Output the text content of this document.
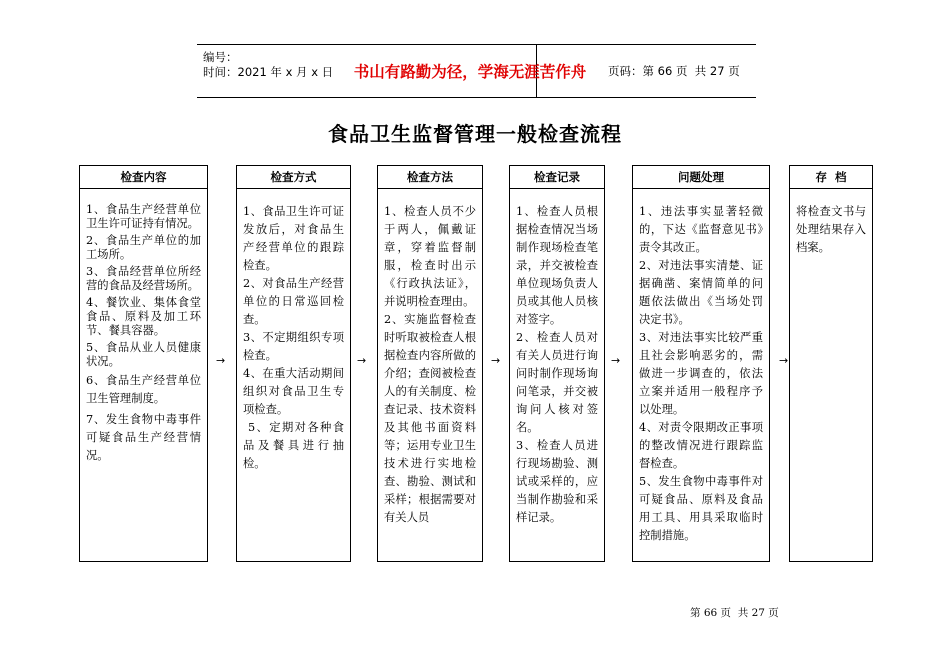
编号：
时间：2021 年 x 月 x 日	书山有路勤为径，学海无涯苦作舟	页码：第 66 页  共 27 页
食品卫生监督管理一般检查流程
检查内容

1、食品生产经营单位卫生许可证持有情况。

2、食品生产单位的加工场所。

3、食品经营单位所经营的食品及经营场所。

4、餐饮业、集体食堂食品、原料及加工环节、餐具容器。

5、食品从业人员健康状况。

6、食品生产经营单位卫生管理制度。

7、发生食物中毒事件可疑食品生产经营情况。

→
检查方式

1、食品卫生许可证发放后，对食品生产经营单位的跟踪检查。

2、对食品生产经营单位的日常巡回检查。

3、不定期组织专项检查。

4、在重大活动期间组织对食品卫生专项检查。

5、定期对各种食品及餐具进行抽检。

→
检查方法

1、检查人员不少于两人，佩戴证章，穿着监督制服，检查时出示《行政执法证》，并说明检查理由。

2、实施监督检查时听取被检查人根据检查内容所做的介绍；查阅被检查人的有关制度、检查记录、技术资料及其他书面资料等；运用专业卫生技术进行实地检查、勘验、测试和采样；根据需要对有关人员

→
检查记录

1、检查人员根据检查情况当场制作现场检查笔录，并交被检查单位现场负责人员或其他人员核对签字。

2、检查人员对有关人员进行询问时制作现场询问笔录，并交被询问人核对签名。

3、检查人员进行现场勘验、测试或采样的，应当制作勘验和采样记录。

→
问题处理

1、违法事实显著轻微的，下达《监督意见书》责令其改正。

2、对违法事实清楚、证据确凿、案情简单的问题依法做出《当场处罚决定书》。

3、对违法事实比较严重且社会影响恶劣的，需做进一步调查的，依法立案并适用一般程序予以处理。

4、对责令限期改正事项的整改情况进行跟踪监督检查。

5、发生食物中毒事件对可疑食品、原料及食品用工具、用具采取临时控制措施。

→
存  档

将检查文书与处理结果存入档案。

第 66 页  共 27 页
